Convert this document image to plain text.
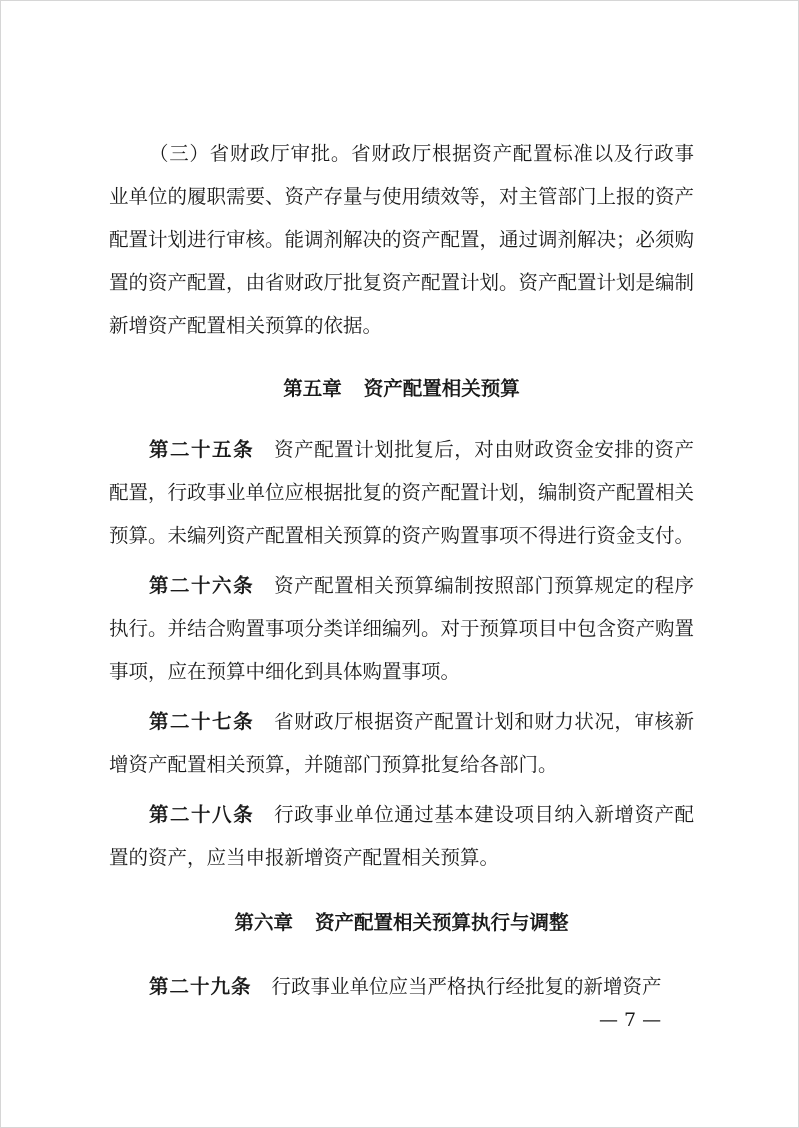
（三）省财政厅审批。省财政厅根据资产配置标准以及行政事业单位的履职需要、资产存量与使用绩效等，对主管部门上报的资产配置计划进行审核。能调剂解决的资产配置，通过调剂解决；必须购置的资产配置，由省财政厅批复资产配置计划。资产配置计划是编制新增资产配置相关预算的依据。

第五章 资产配置相关预算

第二十五条 资产配置计划批复后，对由财政资金安排的资产配置，行政事业单位应根据批复的资产配置计划，编制资产配置相关预算。未编列资产配置相关预算的资产购置事项不得进行资金支付。

第二十六条 资产配置相关预算编制按照部门预算规定的程序执行。并结合购置事项分类详细编列。对于预算项目中包含资产购置事项，应在预算中细化到具体购置事项。

第二十七条 省财政厅根据资产配置计划和财力状况，审核新增资产配置相关预算，并随部门预算批复给各部门。

第二十八条 行政事业单位通过基本建设项目纳入新增资产配置的资产，应当申报新增资产配置相关预算。

第六章 资产配置相关预算执行与调整

第二十九条 行政事业单位应当严格执行经批复的新增资产

— 7 —
